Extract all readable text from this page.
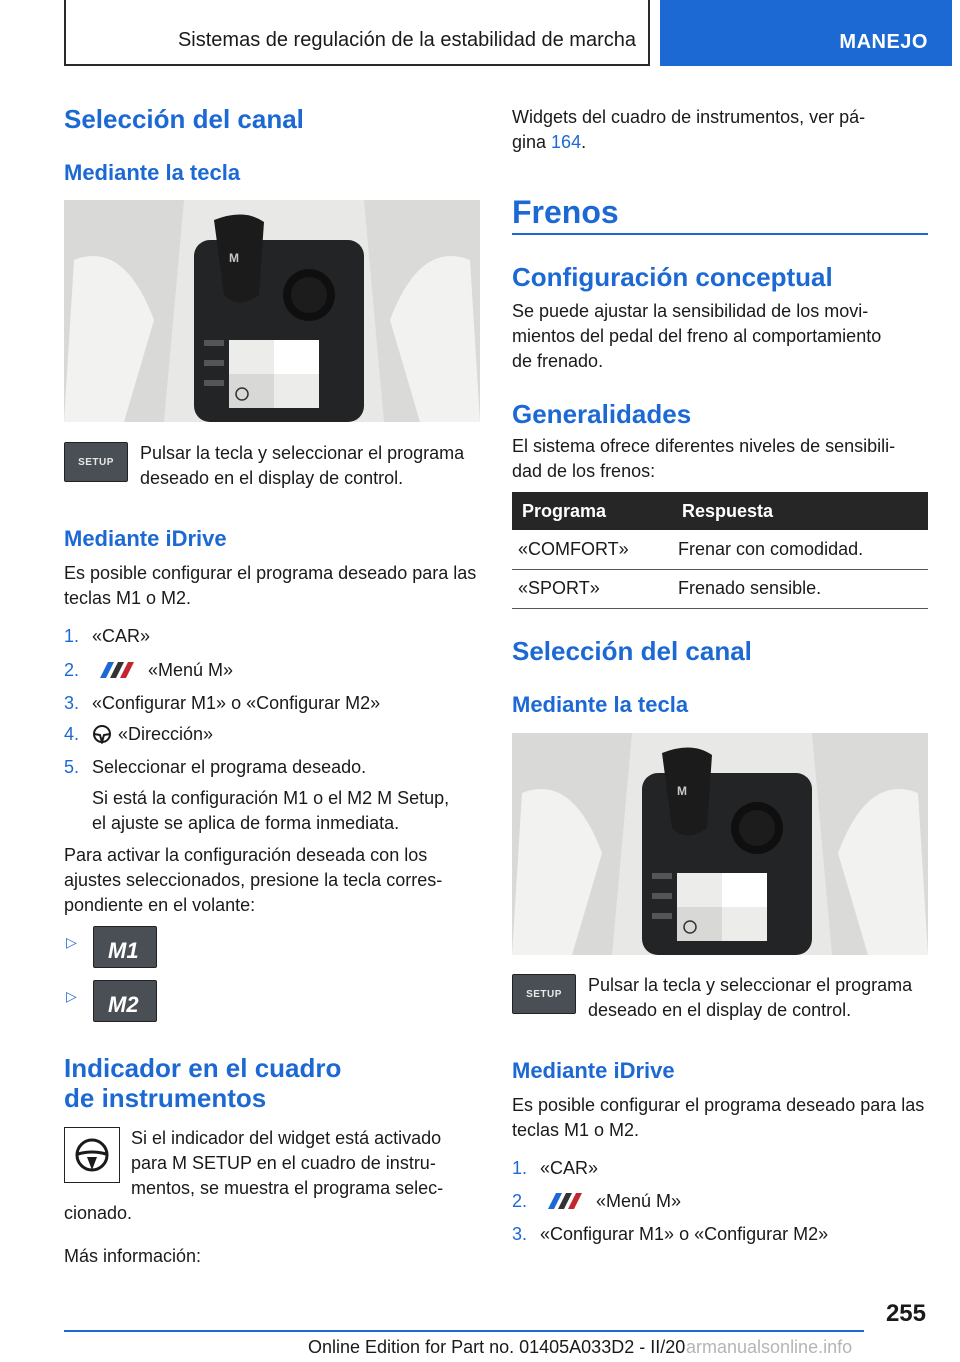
Sistemas de regulación de la estabilidad de marcha	MANEJO
Selección del canal
Mediante la tecla
M
SETUP	Pulsar la tecla y seleccionar el programa deseado en el display de control.
Mediante iDrive
Es posible configurar el programa deseado para las teclas M1 o M2.
1. «CAR»
2.	«Menú M»
3. «Configurar M1» o «Configurar M2»
4.	«Dirección»
5. Seleccionar el programa deseado.
Si está la configuración M1 o el M2 M Setup,
el ajuste se aplica de forma inmediata.
Para activar la configuración deseada con los
ajustes seleccionados, presione la tecla corres‐
pondiente en el volante:
▷ M1
▷ M2
Indicador en el cuadro
de instrumentos
Si el indicador del widget está activado
para M SETUP en el cuadro de instru‐
mentos, se muestra el programa selec‐
cionado.
Más información:
Widgets del cuadro de instrumentos, ver pá‐
gina 164.
Frenos
Configuración conceptual
Se puede ajustar la sensibilidad de los movi‐
mientos del pedal del freno al comportamiento
de frenado.
Generalidades
El sistema ofrece diferentes niveles de sensibili‐
dad de los frenos:
Programa	Respuesta
«COMFORT»	Frenar con comodidad.
«SPORT»	Frenado sensible.
Selección del canal
Mediante la tecla
M
SETUP	Pulsar la tecla y seleccionar el programa deseado en el display de control.
Mediante iDrive
Es posible configurar el programa deseado para las teclas M1 o M2.
1. «CAR»
2.	«Menú M»
3. «Configurar M1» o «Configurar M2»
255
Online Edition for Part no. 01405A033D2 - II/20 armanualsonline.info
